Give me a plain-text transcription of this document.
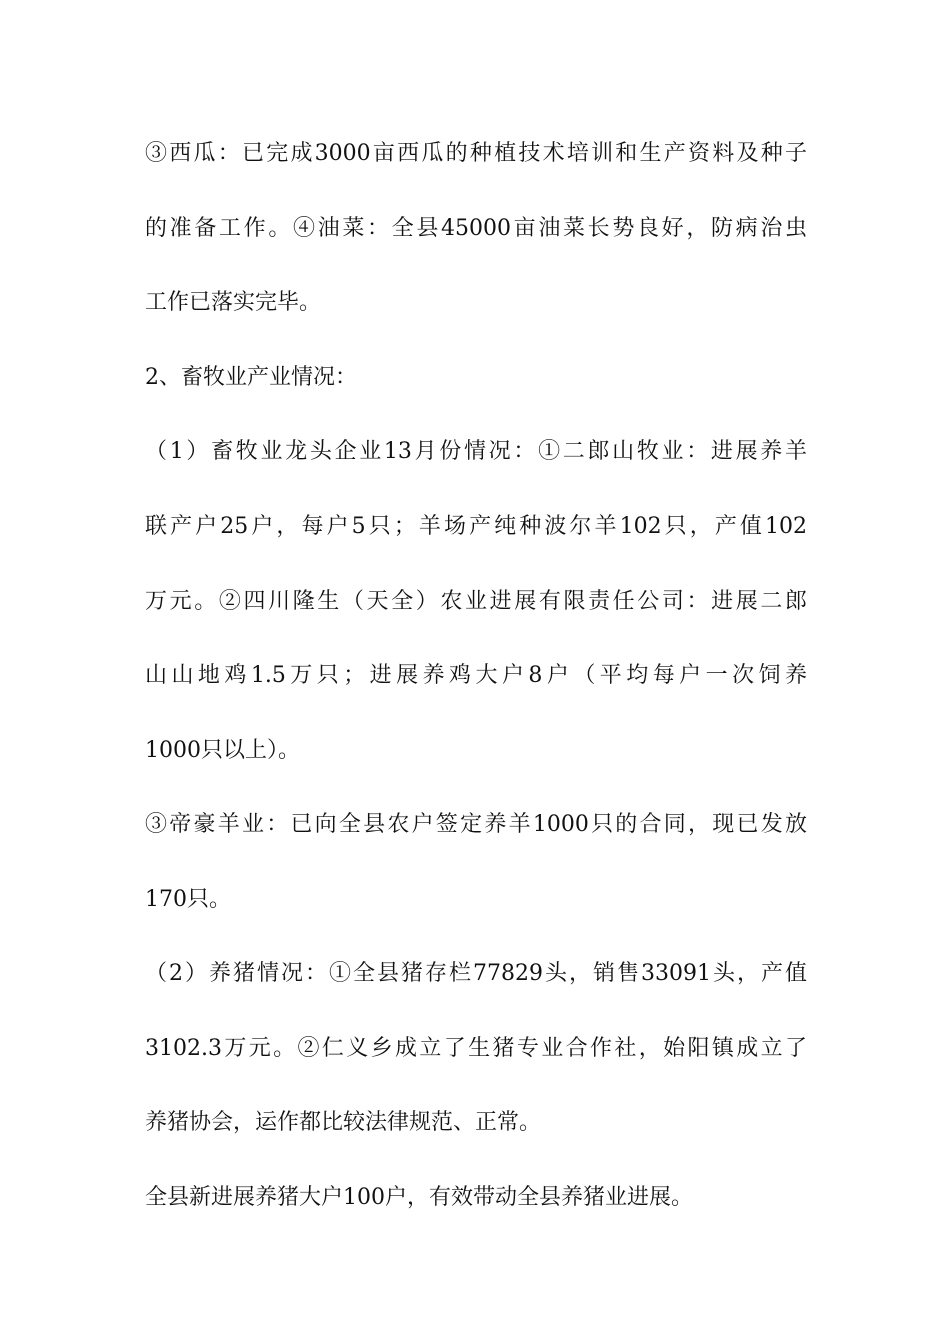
③西瓜：已完成3000亩西瓜的种植技术培训和生产资料及种子
的准备工作。④油菜：全县45000亩油菜长势良好，防病治虫
工作已落实完毕。
2、畜牧业产业情况：
（1）畜牧业龙头企业13月份情况：①二郎山牧业：进展养羊
联产户25户，每户5只；羊场产纯种波尔羊102只，产值102
万元。②四川隆生（天全）农业进展有限责任公司：进展二郎
山山地鸡1.5万只；进展养鸡大户8户（平均每户一次饲养
1000只以上）。
③帝豪羊业：已向全县农户签定养羊1000只的合同，现已发放
170只。
（2）养猪情况：①全县猪存栏77829头，销售33091头，产值
3102.3万元。②仁义乡成立了生猪专业合作社，始阳镇成立了
养猪协会，运作都比较法律规范、正常。
全县新进展养猪大户100户，有效带动全县养猪业进展。
